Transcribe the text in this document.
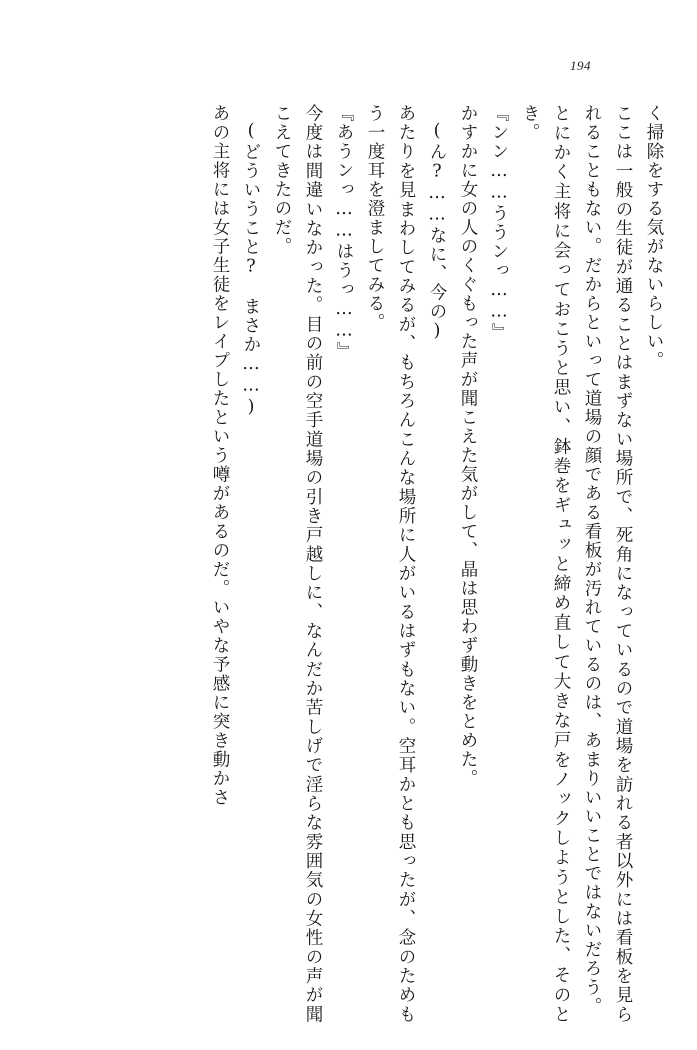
194

く掃除をする気がないらしい。

ここは一般の生徒が通ることはまずない場所で、死角になっているので道場を訪れる者以外には看板を見られることもない。だからといって道場の顔である看板が汚れているのは、あまりいいことではないだろう。

とにかく主将に会っておこうと思い、鉢巻をギュッと締め直して大きな戸をノックしようとした、そのとき。

『ンン……ううンっ……』

かすかに女の人のくぐもった声が聞こえた気がして、晶は思わず動きをとめた。

(ん?……なに、今の)

あたりを見まわしてみるが、もちろんこんな場所に人がいるはずもない。空耳かとも思ったが、念のためもう一度耳を澄ましてみる。

『あうンっ……はうっ……』

今度は間違いなかった。目の前の空手道場の引き戸越しに、なんだか苦しげで淫らな雰囲気の女性の声が聞こえてきたのだ。

(どういうこと?　まさか……)

あの主将には女子生徒をレイプしたという噂があるのだ。いやな予感に突き動かさ
